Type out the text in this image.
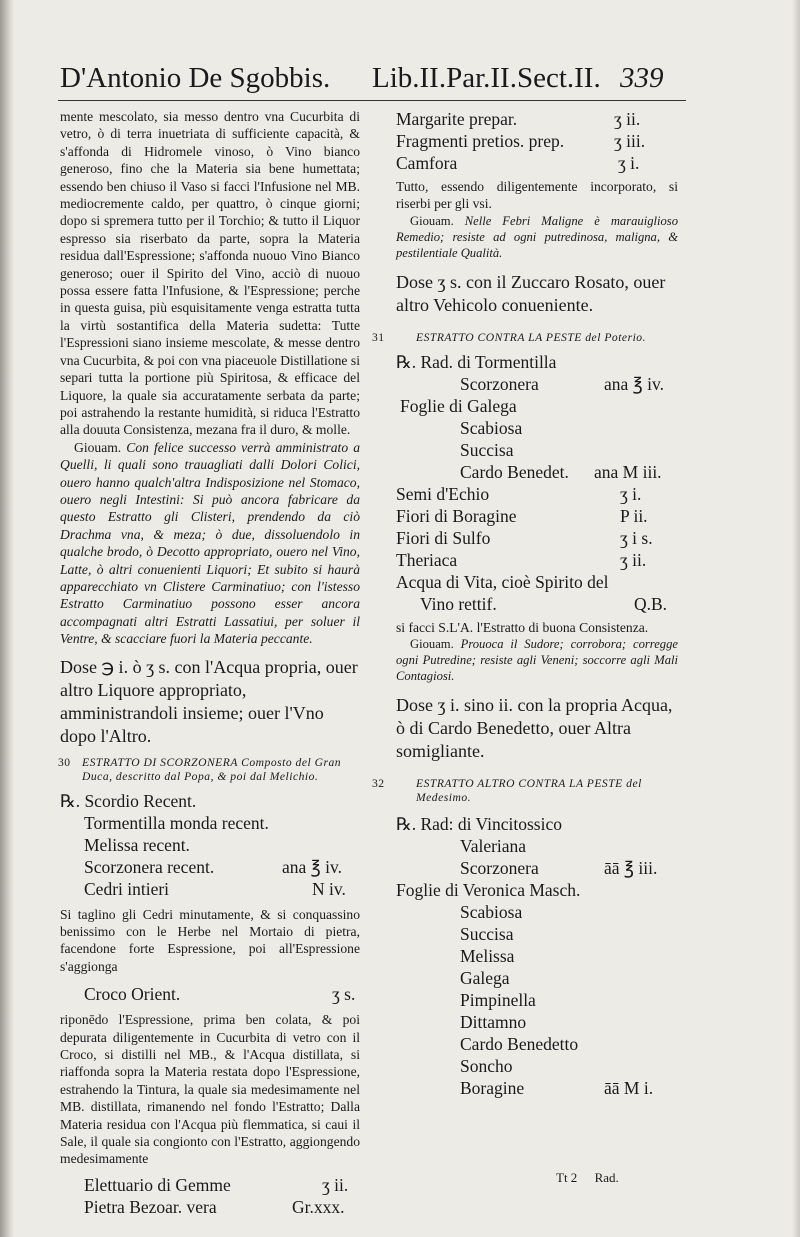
D'Antonio De Sgobbis. Lib.II.Par.II.Sect.II. 339

mente mescolato, sia messo dentro vna Cucurbita di vetro, ò di terra inuetriata di sufficiente capacità, & s'affonda di Hidromele vinoso, ò Vino bianco generoso, fino che la Materia sia bene humettata; essendo ben chiuso il Vaso si facci l'Infusione nel MB. mediocremente caldo, per quattro, ò cinque giorni; dopo si spremera tutto per il Torchio; & tutto il Liquor espresso sia riserbato da parte, sopra la Materia residua dall'Espressione; s'affonda nuouo Vino Bianco generoso; ouer il Spirito del Vino, acciò di nuouo possa essere fatta l'Infusione, & l'Espressione; perche in questa guisa, più esquisitamente venga estratta tutta la virtù sostantifica della Materia sudetta: Tutte l'Espressioni siano insieme mescolate, & messe dentro vna Cucurbita, & poi con vna piaceuole Distillatione si separi tutta la portione più Spiritosa, & efficace del Liquore, la quale sia accuratamente serbata da parte; poi astrahendo la restante humidità, si riduca l'Estratto alla douuta Consistenza, mezana fra il duro, & molle.

Giouam. Con felice successo verrà amministrato a Quelli, li quali sono trauagliati dalli Dolori Colici, ouero hanno qualch'altra Indisposizione nel Stomaco, ouero negli Intestini: Si può ancora fabricare da questo Estratto gli Clisteri, prendendo da ciò Drachma vna, & meza; ò due, dissoluendolo in qualche brodo, ò Decotto appropriato, ouero nel Vino, Latte, ò altri conuenienti Liquori; Et subito si haurà apparecchiato vn Clistere Carminatiuo; con l'istesso Estratto Carminatiuo possono esser ancora accompagnati altri Estratti Lassatiui, per soluer il Ventre, & scacciare fuori la Materia peccante.

Dose ℈ i. ò ʒ s. con l'Acqua propria, ouer altro Liquore appropriato, amministrandoli insieme; ouer l'Vno dopo l'Altro.

30 ESTRATTO DI SCORZONERA Composto del Gran Duca, descritto dal Popa, & poi dal Melichio.
℞. Scordio Recent.
Tormentilla monda recent.
Melissa recent.
Scorzonera recent.	ana ℥ iv.
Cedri intieri	N iv.

Si taglino gli Cedri minutamente, & si conquassino benissimo con le Herbe nel Mortaio di pietra, facendone forte Espressione, poi all'Espressione s'aggionga

Croco Orient.	ʒ s.

riponēdo l'Espressione, prima ben colata, & poi depurata diligentemente in Cucurbita di vetro con il Croco, si distilli nel MB., & l'Acqua distillata, si riaffonda sopra la Materia restata dopo l'Espressione, estrahendo la Tintura, la quale sia medesimamente nel MB. distillata, rimanendo nel fondo l'Estratto; Dalla Materia residua con l'Acqua più flemmatica, si caui il Sale, il quale sia congionto con l'Estratto, aggiongendo medesimamente

Elettuario di Gemme	ʒ ii.
Pietra Bezoar. vera	Gr.xxx.
Margarite prepar.	ʒ ii.
Fragmenti pretios. prep.	ʒ iii.
Camfora	ʒ i.

Tutto, essendo diligentemente incorporato, si riserbi per gli vsi.

Giouam. Nelle Febri Maligne è marauiglioso Remedio; resiste ad ogni putredinosa, maligna, & pestilentiale Qualità.

Dose ʒ s. con il Zuccaro Rosato, ouer altro Vehicolo conueniente.

31	ESTRATTO CONTRA LA PESTE del Poterio.
℞. Rad. di Tormentilla
Scorzonera	ana ℥ iv.
Foglie di Galega
Scabiosa
Succisa
Cardo Benedet. ana M iii.
Semi d'Echio	ʒ i.
Fiori di Boragine	P ii.
Fiori di Sulfo	ʒ i s.
Theriaca	ʒ ii.
Acqua di Vita, cioè Spirito del
Vino rettif.	Q.B.

si facci S.L'A. l'Estratto di buona Consistenza.

Giouam. Prouoca il Sudore; corrobora; corregge ogni Putredine; resiste agli Veneni; soccorre agli Mali Contagiosi.

Dose ʒ i. sino ii. con la propria Acqua, ò di Cardo Benedetto, ouer Altra somigliante.

32	ESTRATTO ALTRO CONTRA LA PESTE del Medesimo.
℞. Rad: di Vincitossico
Valeriana
Scorzonera	āā ℥ iii.
Foglie di Veronica Masch.
Scabiosa
Succisa
Melissa
Galega
Pimpinella
Dittamno
Cardo Benedetto
Soncho
Boragine	āā M i.
Tt 2 Rad.
